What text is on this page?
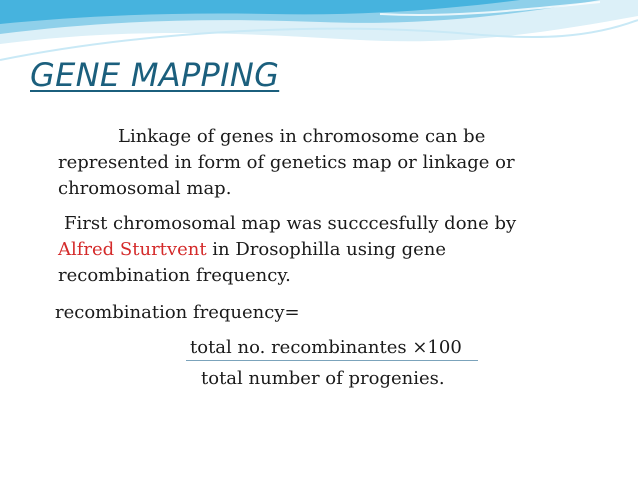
GENE MAPPING
Linkage of genes in chromosome can be
represented in form of genetics map or linkage or
chromosomal map.
First chromosomal map was succcesfully done by
Alfred Sturtvent in Drosophilla using gene
recombination frequency.
recombination frequency=
total no. recombinantes ×100
total number of progenies.
